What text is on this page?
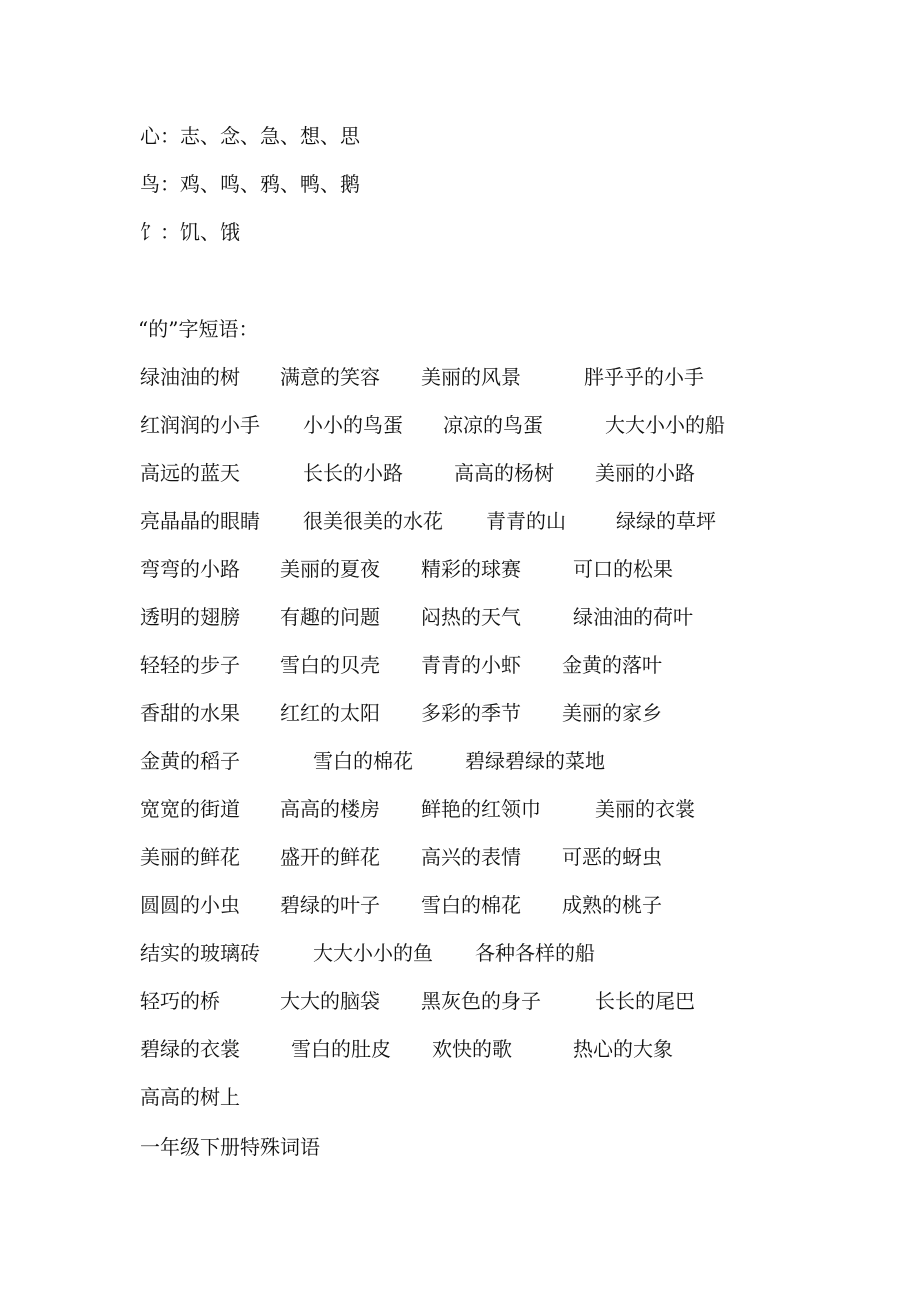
心：志、念、急、想、思
鸟：鸡、鸣、鸦、鸭、鹅
饣：饥、饿
“的”字短语：
绿油油的树 满意的笑容 美丽的风景	胖乎乎的小手
红润润的小手 小小的鸟蛋 凉凉的鸟蛋	大大小小的船
高远的蓝天	长长的小路	高高的杨树 美丽的小路
亮晶晶的眼睛 很美很美的水花 青青的山	绿绿的草坪
弯弯的小路 美丽的夏夜 精彩的球赛	可口的松果
透明的翅膀 有趣的问题 闷热的天气	绿油油的荷叶
轻轻的步子 雪白的贝壳 青青的小虾 金黄的落叶
香甜的水果 红红的太阳 多彩的季节 美丽的家乡
金黄的稻子	雪白的棉花	碧绿碧绿的菜地
宽宽的街道 高高的楼房 鲜艳的红领巾	美丽的衣裳
美丽的鲜花 盛开的鲜花 高兴的表情 可恶的蚜虫
圆圆的小虫 碧绿的叶子 雪白的棉花 成熟的桃子
结实的玻璃砖	大大小小的鱼 各种各样的船
轻巧的桥	大大的脑袋 黑灰色的身子	长长的尾巴
碧绿的衣裳	雪白的肚皮 欢快的歌	热心的大象
高高的树上
一年级下册特殊词语
